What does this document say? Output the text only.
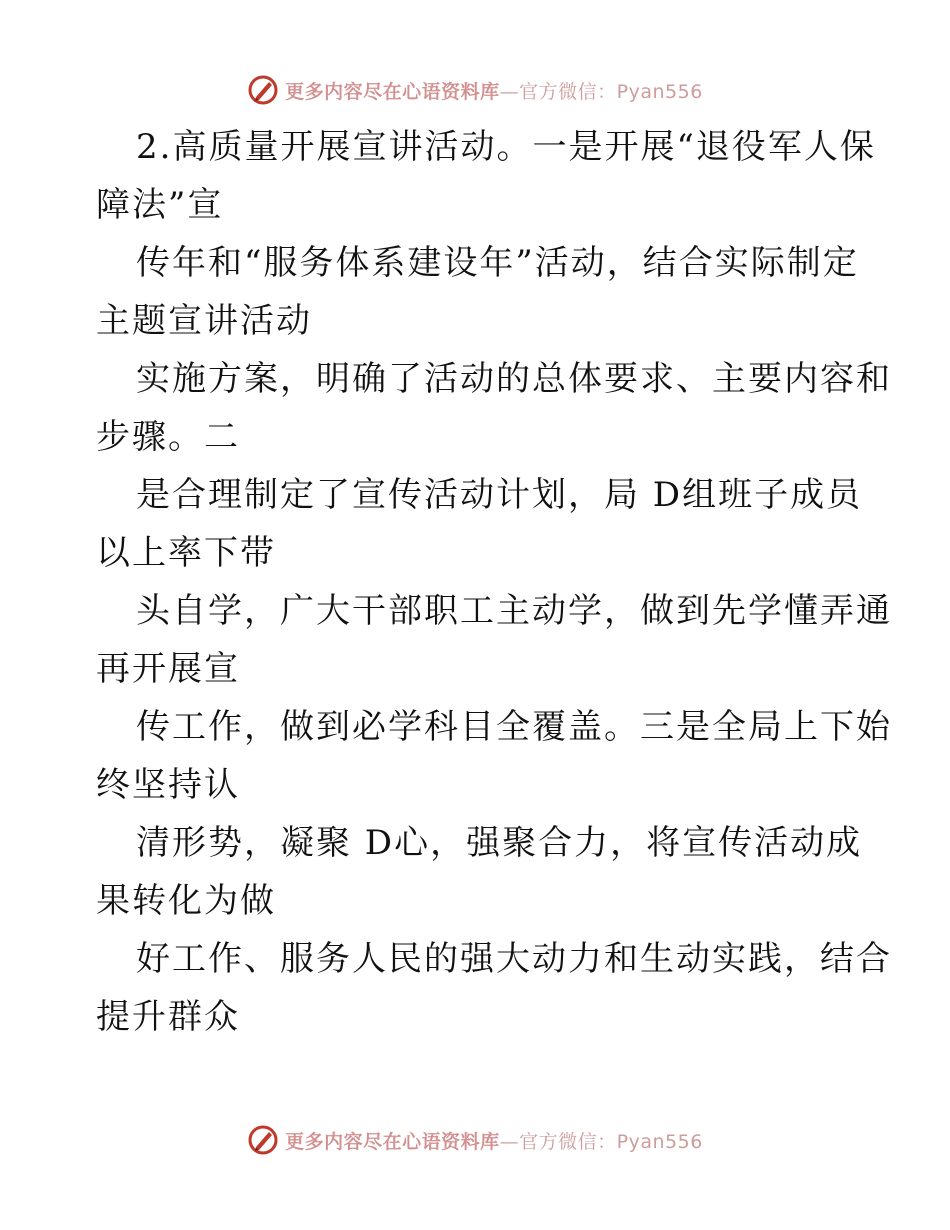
更多内容尽在心语资料库—官方微信：Pyan556
2.高质量开展宣讲活动。一是开展“退役军人保
障法”宣
传年和“服务体系建设年”活动，结合实际制定
主题宣讲活动
实施方案，明确了活动的总体要求、主要内容和
步骤。二
是合理制定了宣传活动计划，局 D组班子成员
以上率下带
头自学，广大干部职工主动学，做到先学懂弄通
再开展宣
传工作，做到必学科目全覆盖。三是全局上下始
终坚持认
清形势，凝聚 D心，强聚合力，将宣传活动成
果转化为做
好工作、服务人民的强大动力和生动实践，结合
提升群众
更多内容尽在心语资料库—官方微信：Pyan556
